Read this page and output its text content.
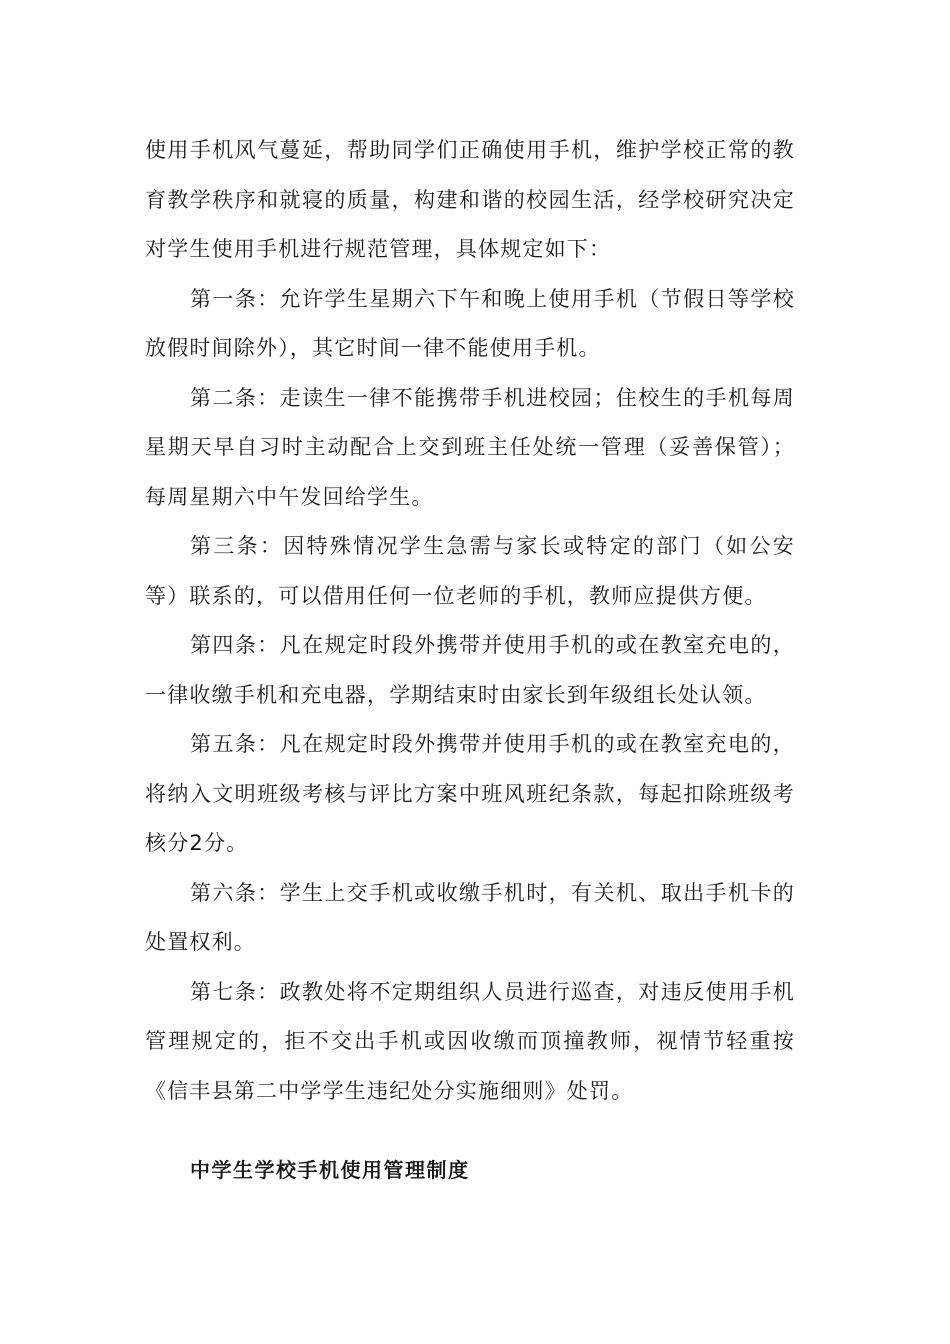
使用手机风气蔓延，帮助同学们正确使用手机，维护学校正常的教育教学秩序和就寝的质量，构建和谐的校园生活，经学校研究决定对学生使用手机进行规范管理，具体规定如下：

第一条：允许学生星期六下午和晚上使用手机（节假日等学校放假时间除外），其它时间一律不能使用手机。

第二条：走读生一律不能携带手机进校园；住校生的手机每周星期天早自习时主动配合上交到班主任处统一管理（妥善保管）；每周星期六中午发回给学生。

第三条：因特殊情况学生急需与家长或特定的部门（如公安等）联系的，可以借用任何一位老师的手机，教师应提供方便。

第四条：凡在规定时段外携带并使用手机的或在教室充电的，一律收缴手机和充电器，学期结束时由家长到年级组长处认领。

第五条：凡在规定时段外携带并使用手机的或在教室充电的，将纳入文明班级考核与评比方案中班风班纪条款，每起扣除班级考核分2分。

第六条：学生上交手机或收缴手机时，有关机、取出手机卡的处置权利。

第七条：政教处将不定期组织人员进行巡查，对违反使用手机管理规定的，拒不交出手机或因收缴而顶撞教师，视情节轻重按《信丰县第二中学学生违纪处分实施细则》处罚。

中学生学校手机使用管理制度
